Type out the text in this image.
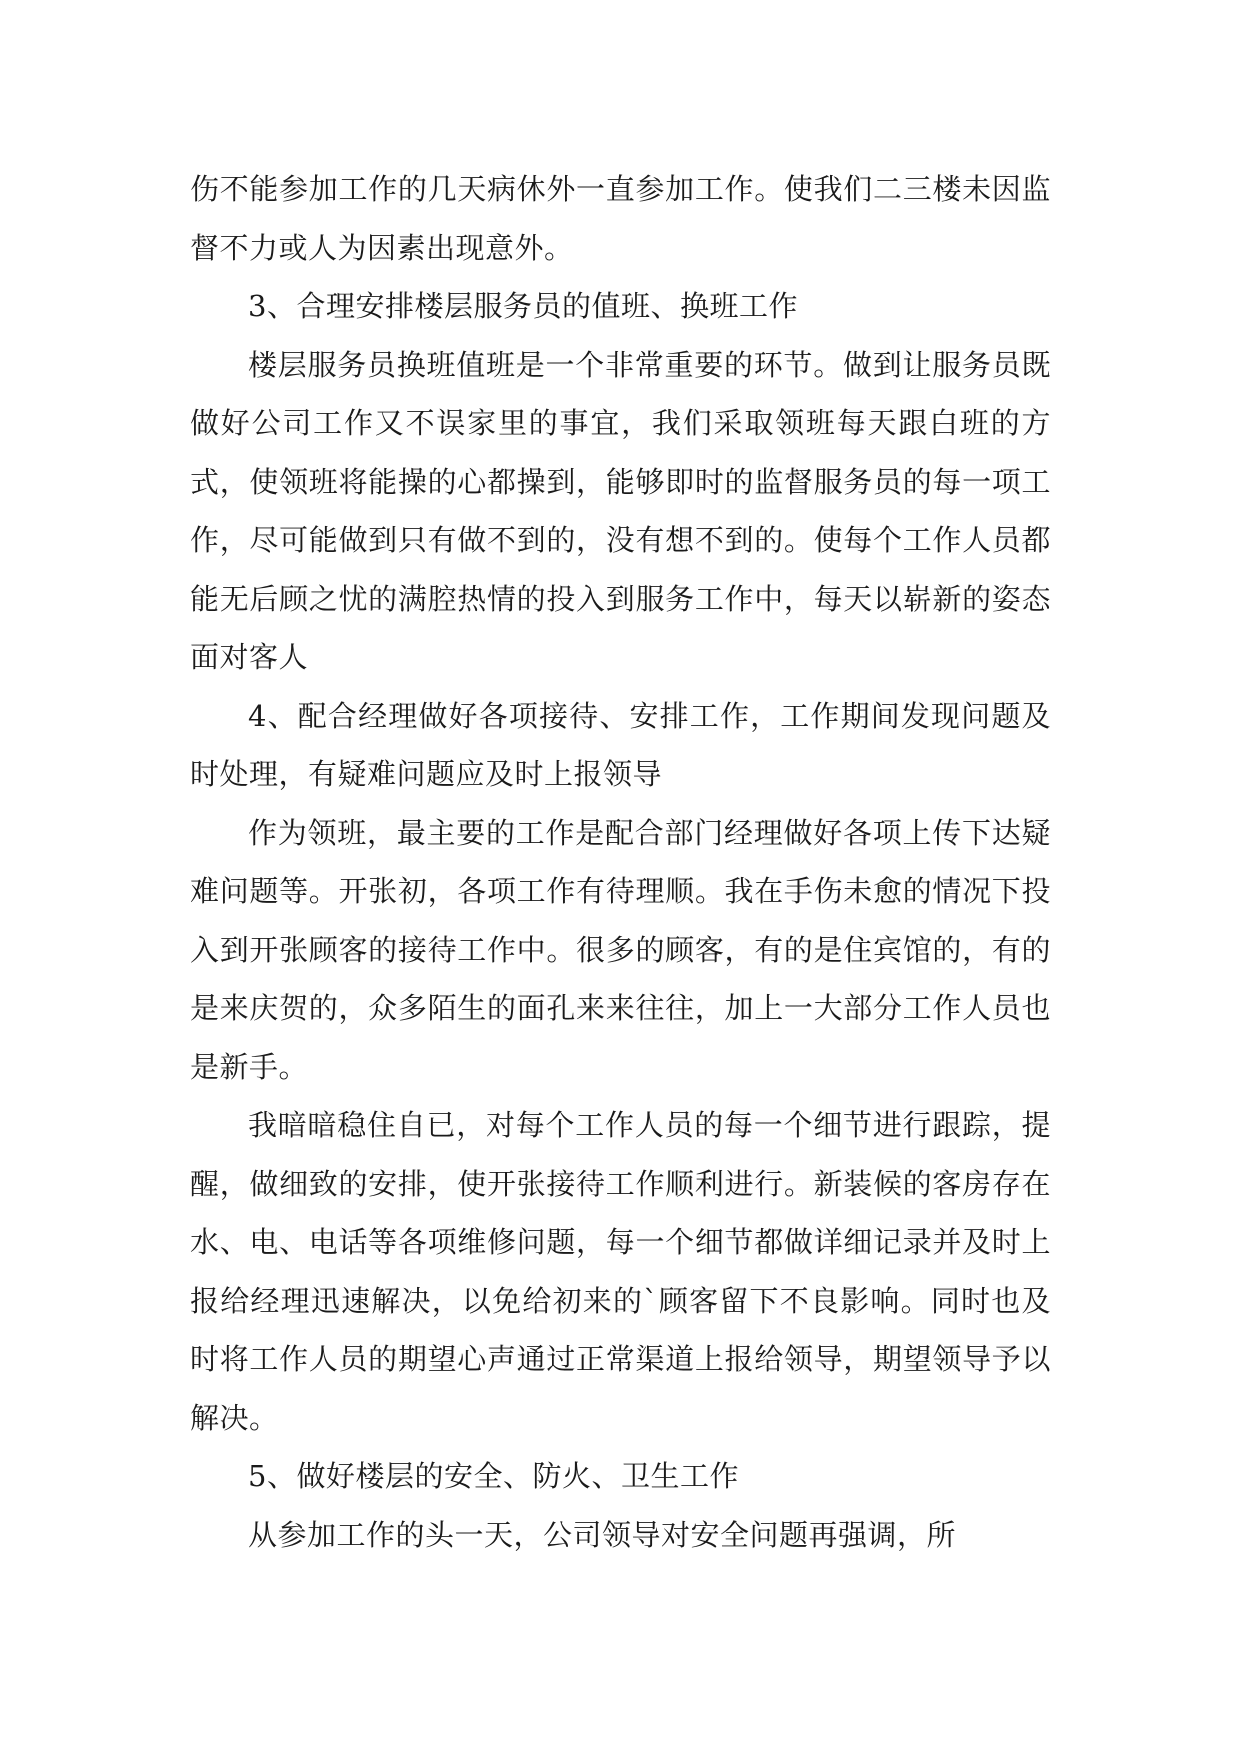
伤不能参加工作的几天病休外一直参加工作。使我们二三楼未因监督不力或人为因素出现意外。

3、合理安排楼层服务员的值班、换班工作

楼层服务员换班值班是一个非常重要的环节。做到让服务员既做好公司工作又不误家里的事宜，我们采取领班每天跟白班的方式，使领班将能操的心都操到，能够即时的监督服务员的每一项工作，尽可能做到只有做不到的，没有想不到的。使每个工作人员都能无后顾之忧的满腔热情的投入到服务工作中，每天以崭新的姿态面对客人

4、配合经理做好各项接待、安排工作，工作期间发现问题及时处理，有疑难问题应及时上报领导

作为领班，最主要的工作是配合部门经理做好各项上传下达疑难问题等。开张初，各项工作有待理顺。我在手伤未愈的情况下投入到开张顾客的接待工作中。很多的顾客，有的是住宾馆的，有的是来庆贺的，众多陌生的面孔来来往往，加上一大部分工作人员也是新手。

我暗暗稳住自已，对每个工作人员的每一个细节进行跟踪，提醒，做细致的安排，使开张接待工作顺利进行。新装候的客房存在水、电、电话等各项维修问题，每一个细节都做详细记录并及时上报给经理迅速解决，以免给初来的`顾客留下不良影响。同时也及时将工作人员的期望心声通过正常渠道上报给领导，期望领导予以解决。

5、做好楼层的安全、防火、卫生工作

从参加工作的头一天，公司领导对安全问题再强调，所
